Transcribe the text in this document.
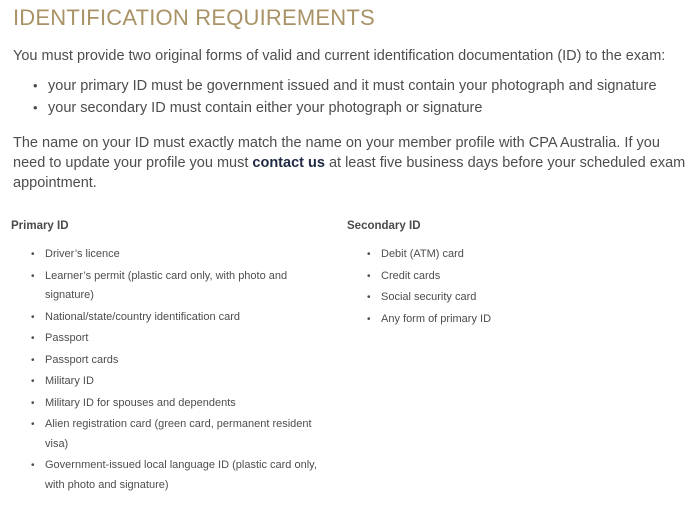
IDENTIFICATION REQUIREMENTS

You must provide two original forms of valid and current identification documentation (ID) to the exam:

• your primary ID must be government issued and it must contain your photograph and signature
• your secondary ID must contain either your photograph or signature

The name on your ID must exactly match the name on your member profile with CPA Australia. If you need to update your profile you must contact us at least five business days before your scheduled exam appointment.

Primary ID
• Driver’s licence
• Learner’s permit (plastic card only, with photo and signature)
• National/state/country identification card
• Passport
• Passport cards
• Military ID
• Military ID for spouses and dependents
• Alien registration card (green card, permanent resident visa)
• Government-issued local language ID (plastic card only, with photo and signature)
Secondary ID
• Debit (ATM) card
• Credit cards
• Social security card
• Any form of primary ID
